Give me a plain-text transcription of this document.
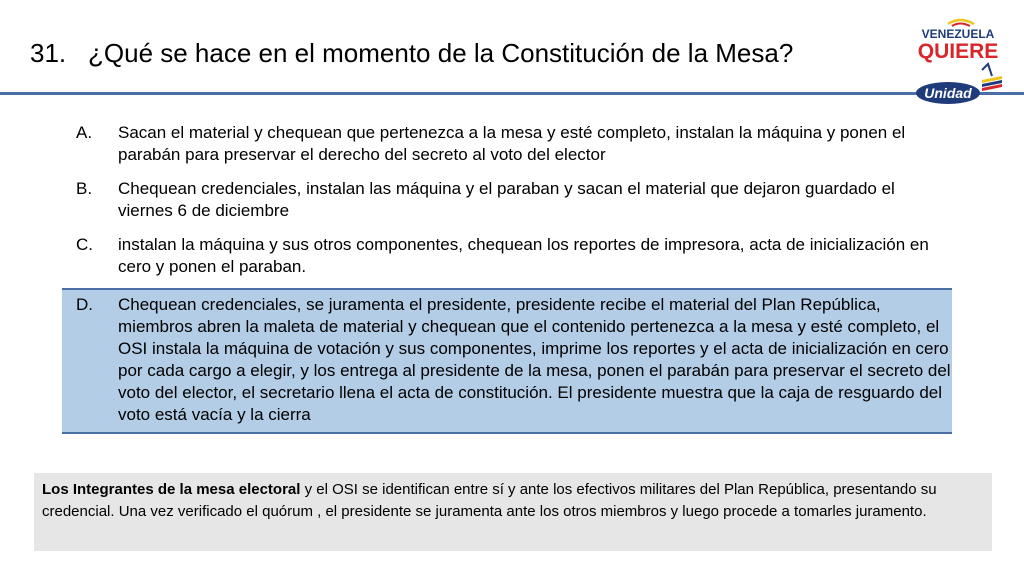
31. ¿Qué se hace en el momento de la Constitución de la Mesa?
VENEZUELA
QUIERE
Unidad
A. Sacan el material y chequean que pertenezca a la mesa y esté completo, instalan la máquina y ponen el parabán para preservar el derecho del secreto al voto del elector
B. Chequean credenciales, instalan las máquina y el paraban y sacan el material que dejaron guardado el viernes 6 de diciembre
C. instalan la máquina y sus otros componentes, chequean los reportes de impresora, acta de inicialización en cero y ponen el paraban.
D. Chequean credenciales, se juramenta el presidente, presidente recibe el material del Plan República, miembros abren la maleta de material y chequean que el contenido pertenezca a la mesa y esté completo, el OSI instala la máquina de votación y sus componentes, imprime los reportes y el acta de inicialización en cero por cada cargo a elegir, y los entrega al presidente de la mesa, ponen el parabán para preservar el secreto del voto del elector, el secretario llena el acta de constitución. El presidente muestra que la caja de resguardo del voto está vacía y la cierra
Los Integrantes de la mesa electoral y el OSI se identifican entre sí y ante los efectivos militares del Plan República, presentando su credencial. Una vez verificado el quórum , el presidente se juramenta ante los otros miembros y luego procede a tomarles juramento.
